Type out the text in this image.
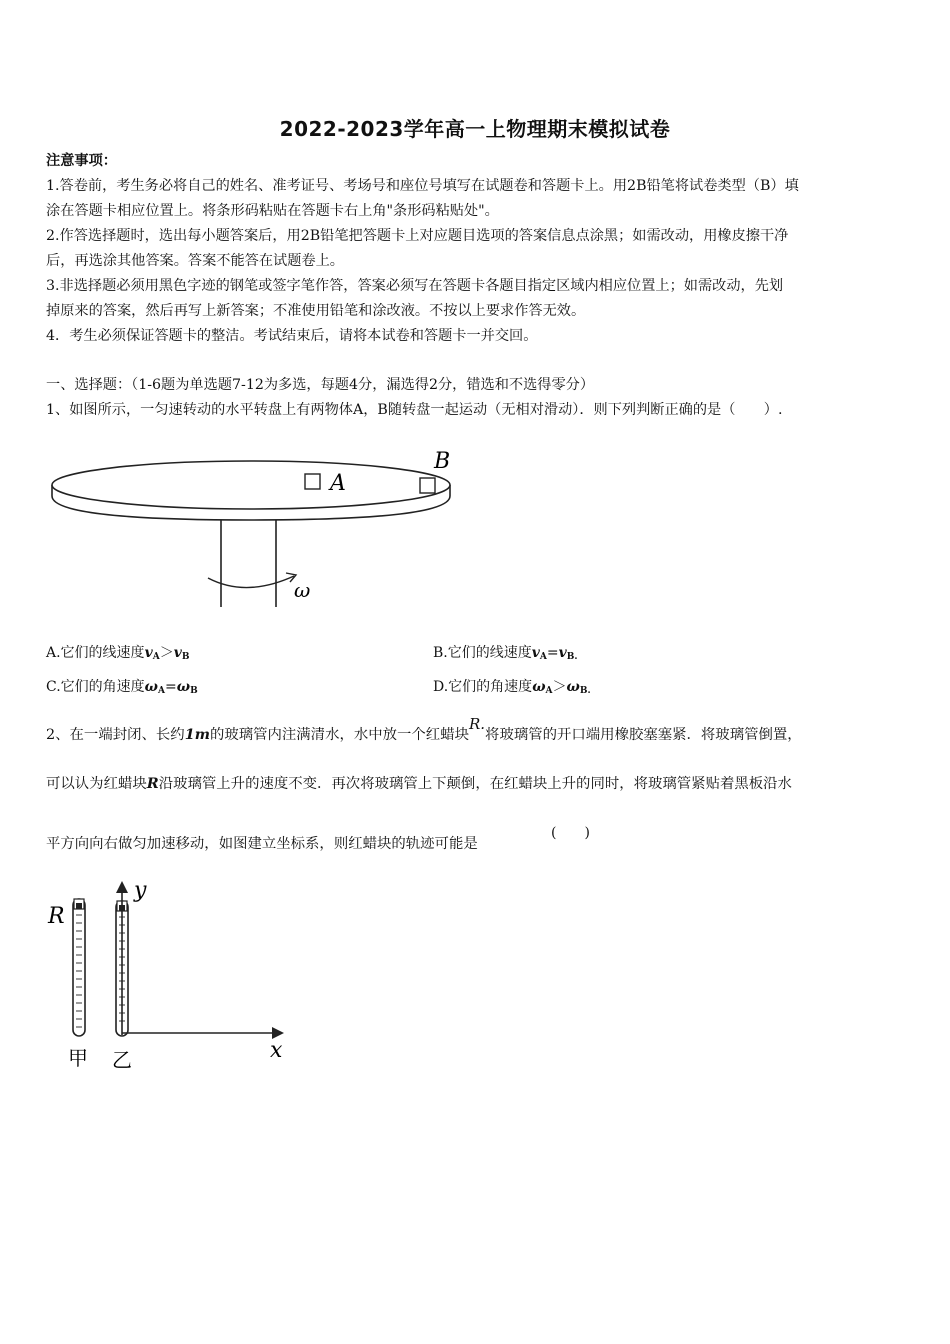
2022-2023学年高一上物理期末模拟试卷
注意事项：
1.答卷前，考生务必将自己的姓名、准考证号、考场号和座位号填写在试题卷和答题卡上。用2B铅笔将试卷类型（B）填
涂在答题卡相应位置上。将条形码粘贴在答题卡右上角"条形码粘贴处"。
2.作答选择题时，选出每小题答案后，用2B铅笔把答题卡上对应题目选项的答案信息点涂黑；如需改动，用橡皮擦干净
后，再选涂其他答案。答案不能答在试题卷上。
3.非选择题必须用黑色字迹的钢笔或签字笔作答，答案必须写在答题卡各题目指定区域内相应位置上；如需改动，先划
掉原来的答案，然后再写上新答案；不准使用铅笔和涂改液。不按以上要求作答无效。
4．考生必须保证答题卡的整洁。考试结束后，请将本试卷和答题卡一并交回。
一、选择题：（1-6题为单选题7-12为多选，每题4分，漏选得2分，错选和不选得零分）
1、如图所示，一匀速转动的水平转盘上有两物体A，B随转盘一起运动（无相对滑动）．则下列判断正确的是（　　）.
A
B
ω
A.它们的线速度$v_A>v_B$	B.它们的线速度$v_A=v_{B.}$
C.它们的角速度$\omega_A=\omega_B$	D.它们的角速度$\omega_A>\omega_{B.}$
2、在一端封闭、长约1m的玻璃管内注满清水，水中放一个红蜡块R.将玻璃管的开口端用橡胶塞塞紧．将玻璃管倒置，
可以认为红蜡块R沿玻璃管上升的速度不变．再次将玻璃管上下颠倒，在红蜡块上升的同时，将玻璃管紧贴着黑板沿水
平方向向右做匀加速移动，如图建立坐标系，则红蜡块的轨迹可能是
(　　)
R
甲
y
x
乙
